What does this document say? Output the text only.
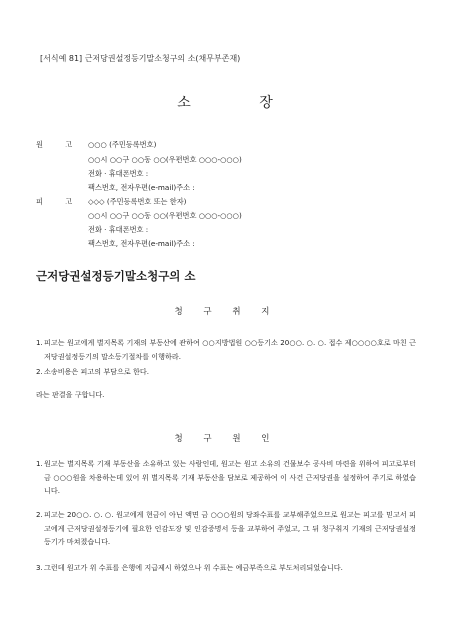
[서식예 81] 근저당권설정등기말소청구의 소(채무부존재)
소	장
원 고 ○○○ (주민등록번호)
○○시 ○○구 ○○동 ○○(우편번호 ○○○-○○○)
전화 · 휴대폰번호 :
팩스번호, 전자우편(e-mail)주소 :
피 고 ◇◇◇ (주민등록번호 또는 한자)
○○시 ○○구 ○○동 ○○(우편번호 ○○○-○○○)
전화 · 휴대폰번호 :
팩스번호, 전자우편(e-mail)주소 :
근저당권설정등기말소청구의 소
청 구 취 지
1. 피고는 원고에게 별지목록 기재의 부동산에 관하여 ○○지방법원 ○○등기소 20○○. ○. ○. 접수 제○○○○호로 마친 근저당권설정등기의 말소등기절차를 이행하라.
2. 소송비용은 피고의 부담으로 한다.
라는 판결을 구합니다.
청 구 원 인
1. 원고는 별지목록 기재 부동산을 소유하고 있는 사람인데, 원고는 원고 소유의 건물보수 공사비 마련을 위하여 피고로부터 금 ○○○원을 차용하는데 있어 위 별지목록 기재 부동산을 담보로 제공하여 이 사건 근저당권을 설정하여 주기로 하였습니다.
2. 피고는 20○○. ○. ○. 원고에게 현금이 아닌 액면 금 ○○○원의 당좌수표를 교부해주었으므로 원고는 피고를 믿고서 피고에게 근저당권설정등기에 필요한 인감도장 및 인감증명서 등을 교부하여 주었고, 그 뒤 청구취지 기재의 근저당권설정등기가 마쳐졌습니다.
3. 그런데 원고가 위 수표를 은행에 지급제시 하였으나 위 수표는 예금부족으로 부도처리되었습니다.
